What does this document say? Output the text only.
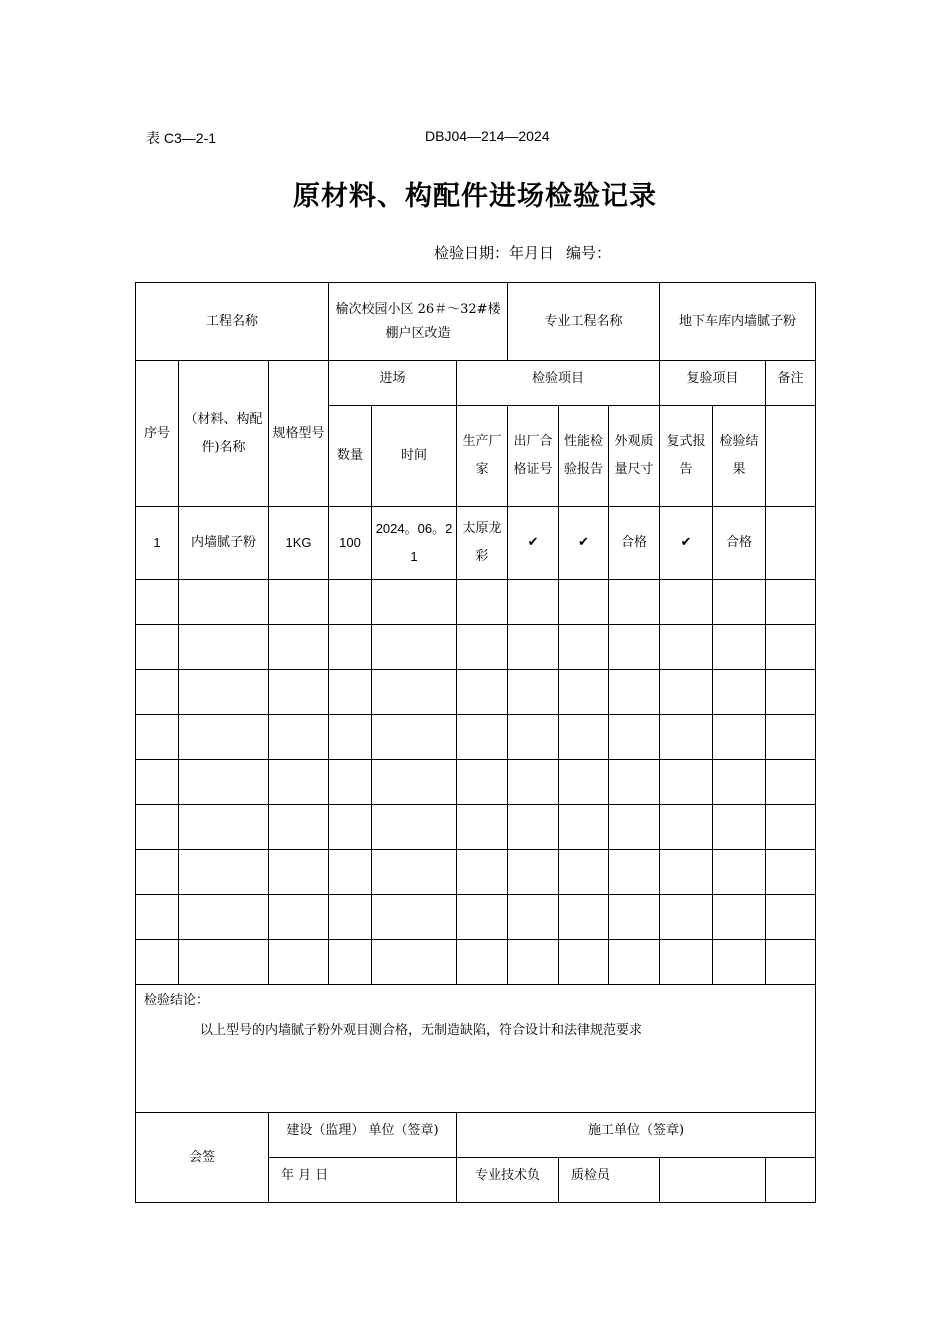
表 C3—2-1	DBJ04—214—2024
原材料、构配件进场检验记录
检验日期：年月日 编号：
工程名称			榆次校园小区 26＃～32#楼棚户区改造			专业工程名称			地下车库内墙腻子粉		
序号	（材料、构配件)名称	规格型号	进场		检验项目				复验项目		备注
			数量	时间	生产厂家	出厂合格证号	性能检验报告	外观质量尺寸	复式报告	检验结果	
1	内墙腻子粉	1KG	100	2024。06。21	太原龙彩	✔	✔	合格	✔	合格	

检验结论：
以上型号的内墙腻子粉外观目测合格，无制造缺陷，符合设计和法律规范要求											

会签		建设（监理） 单位（签章)			施工单位（签章)						
		年 月 日			专业技术负		质检员				
